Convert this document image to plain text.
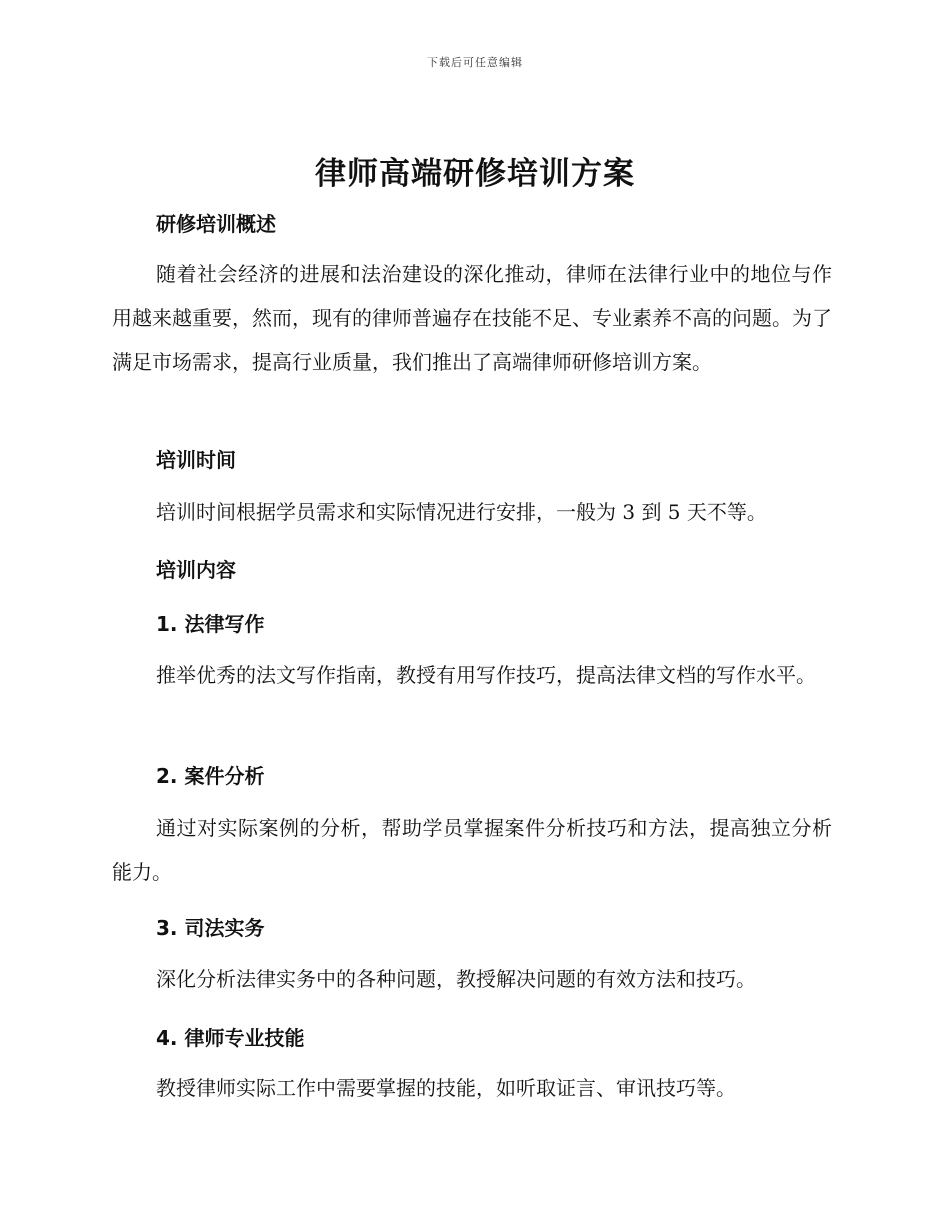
下载后可任意编辑
律师高端研修培训方案
研修培训概述

随着社会经济的进展和法治建设的深化推动，律师在法律行业中的地位与作用越来越重要，然而，现有的律师普遍存在技能不足、专业素养不高的问题。为了满足市场需求，提高行业质量，我们推出了高端律师研修培训方案。

培训时间

培训时间根据学员需求和实际情况进行安排，一般为 3 到 5 天不等。

培训内容
1. 法律写作

推举优秀的法文写作指南，教授有用写作技巧，提高法律文档的写作水平。

2. 案件分析

通过对实际案例的分析，帮助学员掌握案件分析技巧和方法，提高独立分析能力。

3. 司法实务

深化分析法律实务中的各种问题，教授解决问题的有效方法和技巧。

4. 律师专业技能

教授律师实际工作中需要掌握的技能，如听取证言、审讯技巧等。
